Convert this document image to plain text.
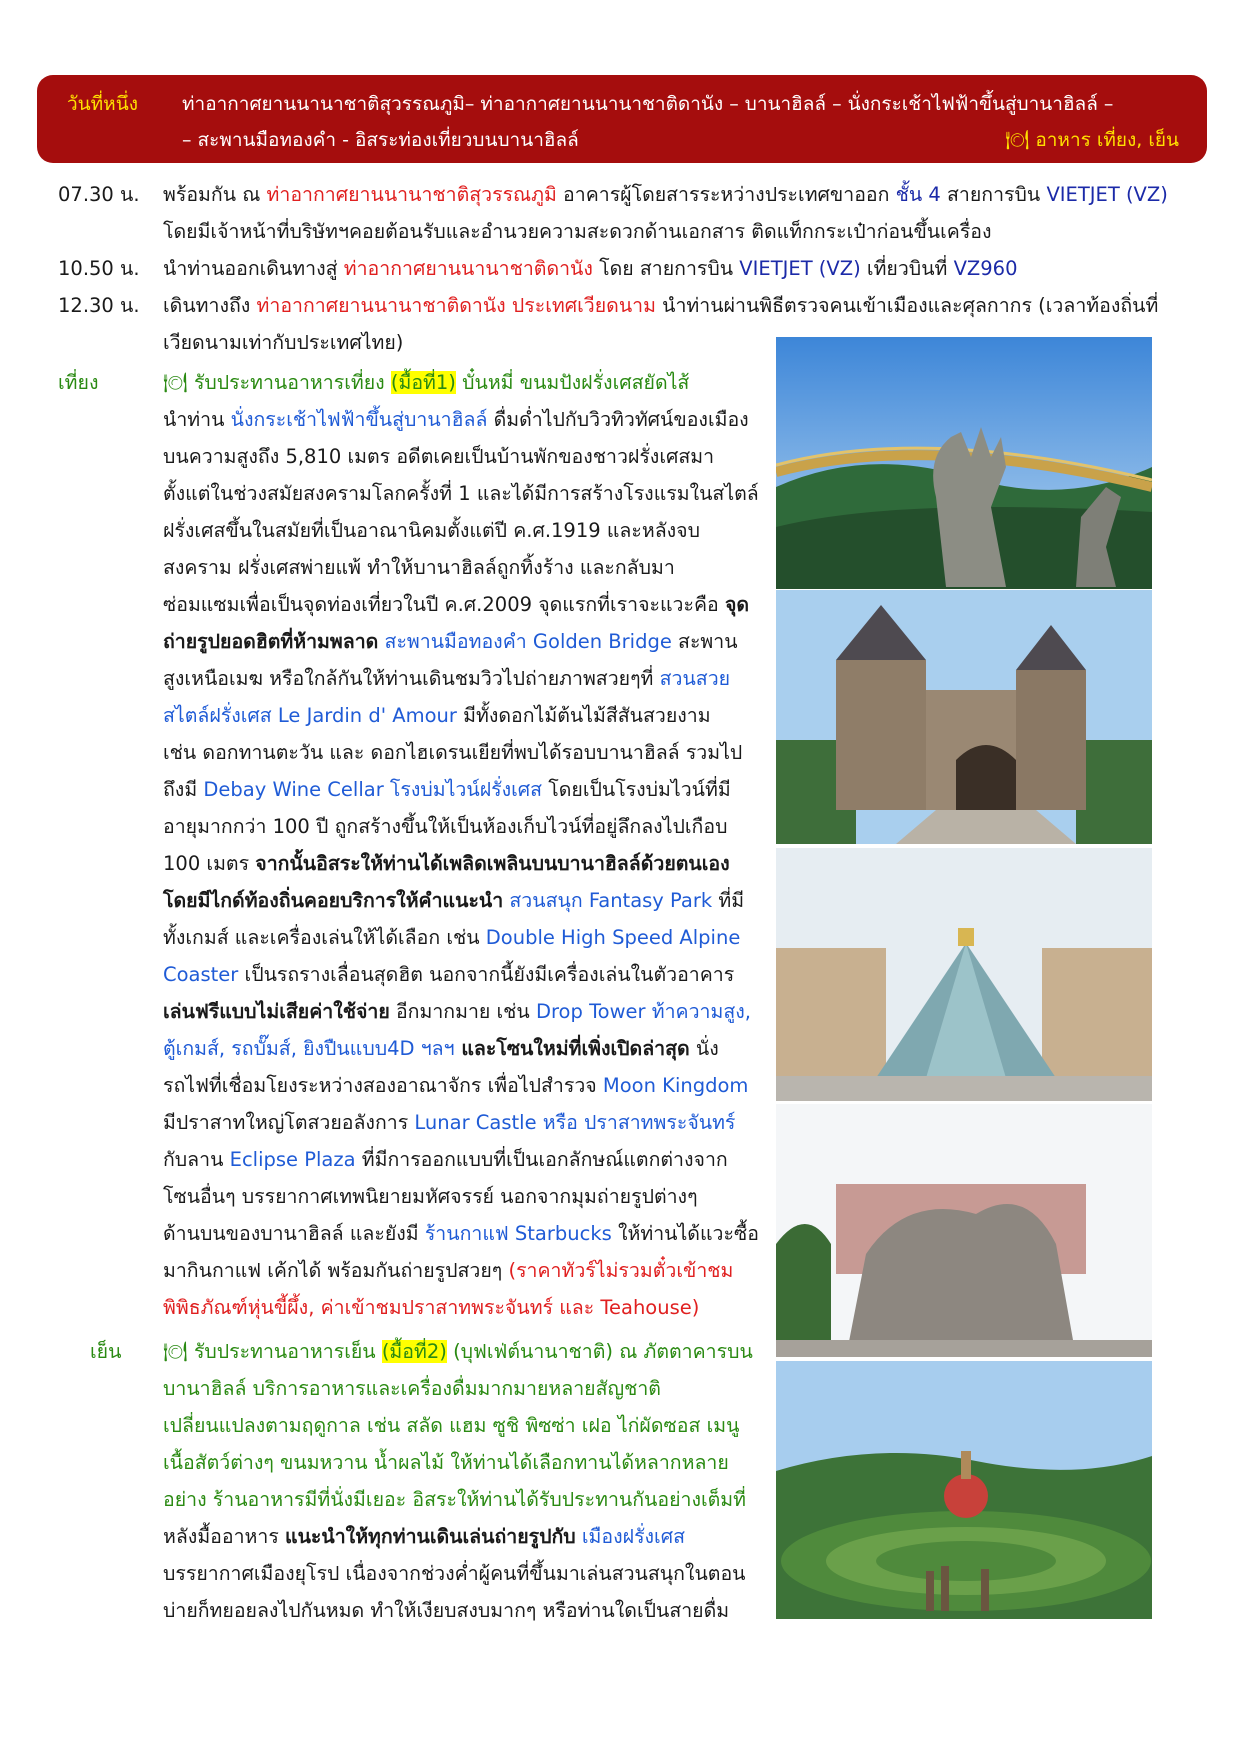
วันที่หนึ่ง ท่าอากาศยานนานาชาติสุวรรณภูมิ– ท่าอากาศยานนานาชาติดานัง – บานาฮิลล์ – นั่งกระเช้าไฟฟ้าขึ้นสู่บานาฮิลล์ –
– สะพานมือทองคำ - อิสระท่องเที่ยวบนบานาฮิลล์	🍽 อาหาร เที่ยง, เย็น
07.30 น.	พร้อมกัน ณ ท่าอากาศยานนานาชาติสุวรรณภูมิ อาคารผู้โดยสารระหว่างประเทศขาออก ชั้น 4 สายการบิน VIETJET (VZ)
โดยมีเจ้าหน้าที่บริษัทฯคอยต้อนรับและอำนวยความสะดวกด้านเอกสาร ติดแท็กกระเป๋าก่อนขึ้นเครื่อง
10.50 น.	นำท่านออกเดินทางสู่ ท่าอากาศยานนานาชาติดานัง โดย สายการบิน VIETJET (VZ) เที่ยวบินที่ VZ960
12.30 น.	เดินทางถึง ท่าอากาศยานนานาชาติดานัง ประเทศเวียดนาม นำท่านผ่านพิธีตรวจคนเข้าเมืองและศุลกากร (เวลาท้องถิ่นที่
เวียดนามเท่ากับประเทศไทย)
เที่ยง	🍽 รับประทานอาหารเที่ยง (มื้อที่1) บั๋นหมี่ ขนมปังฝรั่งเศสยัดไส้
นำท่าน นั่งกระเช้าไฟฟ้าขึ้นสู่บานาฮิลล์ ดื่มด่ำไปกับวิวทิวทัศน์ของเมือง
บนความสูงถึง 5,810 เมตร อดีตเคยเป็นบ้านพักของชาวฝรั่งเศสมา
ตั้งแต่ในช่วงสมัยสงครามโลกครั้งที่ 1 และได้มีการสร้างโรงแรมในสไตล์
ฝรั่งเศสขึ้นในสมัยที่เป็นอาณานิคมตั้งแต่ปี ค.ศ.1919 และหลังจบ
สงคราม ฝรั่งเศสพ่ายแพ้ ทำให้บานาฮิลล์ถูกทิ้งร้าง และกลับมา
ซ่อมแซมเพื่อเป็นจุดท่องเที่ยวในปี ค.ศ.2009 จุดแรกที่เราจะแวะคือ จุด
ถ่ายรูปยอดฮิตที่ห้ามพลาด สะพานมือทองคำ Golden Bridge สะพาน
สูงเหนือเมฆ หรือใกล้กันให้ท่านเดินชมวิวไปถ่ายภาพสวยๆที่ สวนสวย
สไตล์ฝรั่งเศส Le Jardin d' Amour มีทั้งดอกไม้ต้นไม้สีสันสวยงาม
เช่น ดอกทานตะวัน และ ดอกไฮเดรนเยียที่พบได้รอบบานาฮิลล์ รวมไป
ถึงมี Debay Wine Cellar โรงบ่มไวน์ฝรั่งเศส โดยเป็นโรงบ่มไวน์ที่มี
อายุมากกว่า 100 ปี ถูกสร้างขึ้นให้เป็นห้องเก็บไวน์ที่อยู่ลึกลงไปเกือบ
100 เมตร จากนั้นอิสระให้ท่านได้เพลิดเพลินบนบานาฮิลล์ด้วยตนเอง
โดยมีไกด์ท้องถิ่นคอยบริการให้คำแนะนำ สวนสนุก Fantasy Park ที่มี
ทั้งเกมส์ และเครื่องเล่นให้ได้เลือก เช่น Double High Speed Alpine
Coaster เป็นรถรางเลื่อนสุดฮิต นอกจากนี้ยังมีเครื่องเล่นในตัวอาคาร
เล่นฟรีแบบไม่เสียค่าใช้จ่าย อีกมากมาย เช่น Drop Tower ท้าความสูง,
ตู้เกมส์, รถบั๊มส์, ยิงปืนแบบ4D ฯลฯ และโซนใหม่ที่เพิ่งเปิดล่าสุด นั่ง
รถไฟที่เชื่อมโยงระหว่างสองอาณาจักร เพื่อไปสำรวจ Moon Kingdom
มีปราสาทใหญ่โตสวยอลังการ Lunar Castle หรือ ปราสาทพระจันทร์
กับลาน Eclipse Plaza ที่มีการออกแบบที่เป็นเอกลักษณ์แตกต่างจาก
โซนอื่นๆ บรรยากาศเทพนิยายมหัศจรรย์ นอกจากมุมถ่ายรูปต่างๆ
ด้านบนของบานาฮิลล์ และยังมี ร้านกาแฟ Starbucks ให้ท่านได้แวะซื้อ
มากินกาแฟ เค้กได้ พร้อมกันถ่ายรูปสวยๆ (ราคาทัวร์ไม่รวมตั๋วเข้าชม
พิพิธภัณฑ์หุ่นขี้ผึ้ง, ค่าเข้าชมปราสาทพระจันทร์ และ Teahouse)
เย็น	🍽 รับประทานอาหารเย็น (มื้อที่2) (บุฟเฟ่ต์นานาชาติ) ณ ภัตตาคารบน
บานาฮิลล์ บริการอาหารและเครื่องดื่มมากมายหลายสัญชาติ
เปลี่ยนแปลงตามฤดูกาล เช่น สลัด แฮม ซูชิ พิซซ่า เฝอ ไก่ผัดซอส เมนู
เนื้อสัตว์ต่างๆ ขนมหวาน น้ำผลไม้ ให้ท่านได้เลือกทานได้หลากหลาย
อย่าง ร้านอาหารมีที่นั่งมีเยอะ อิสระให้ท่านได้รับประทานกันอย่างเต็มที่
หลังมื้ออาหาร แนะนำให้ทุกท่านเดินเล่นถ่ายรูปกับ เมืองฝรั่งเศส
บรรยากาศเมืองยุโรป เนื่องจากช่วงค่ำผู้คนที่ขึ้นมาเล่นสวนสนุกในตอน
บ่ายก็ทยอยลงไปกันหมด ทำให้เงียบสงบมากๆ หรือท่านใดเป็นสายดื่ม
